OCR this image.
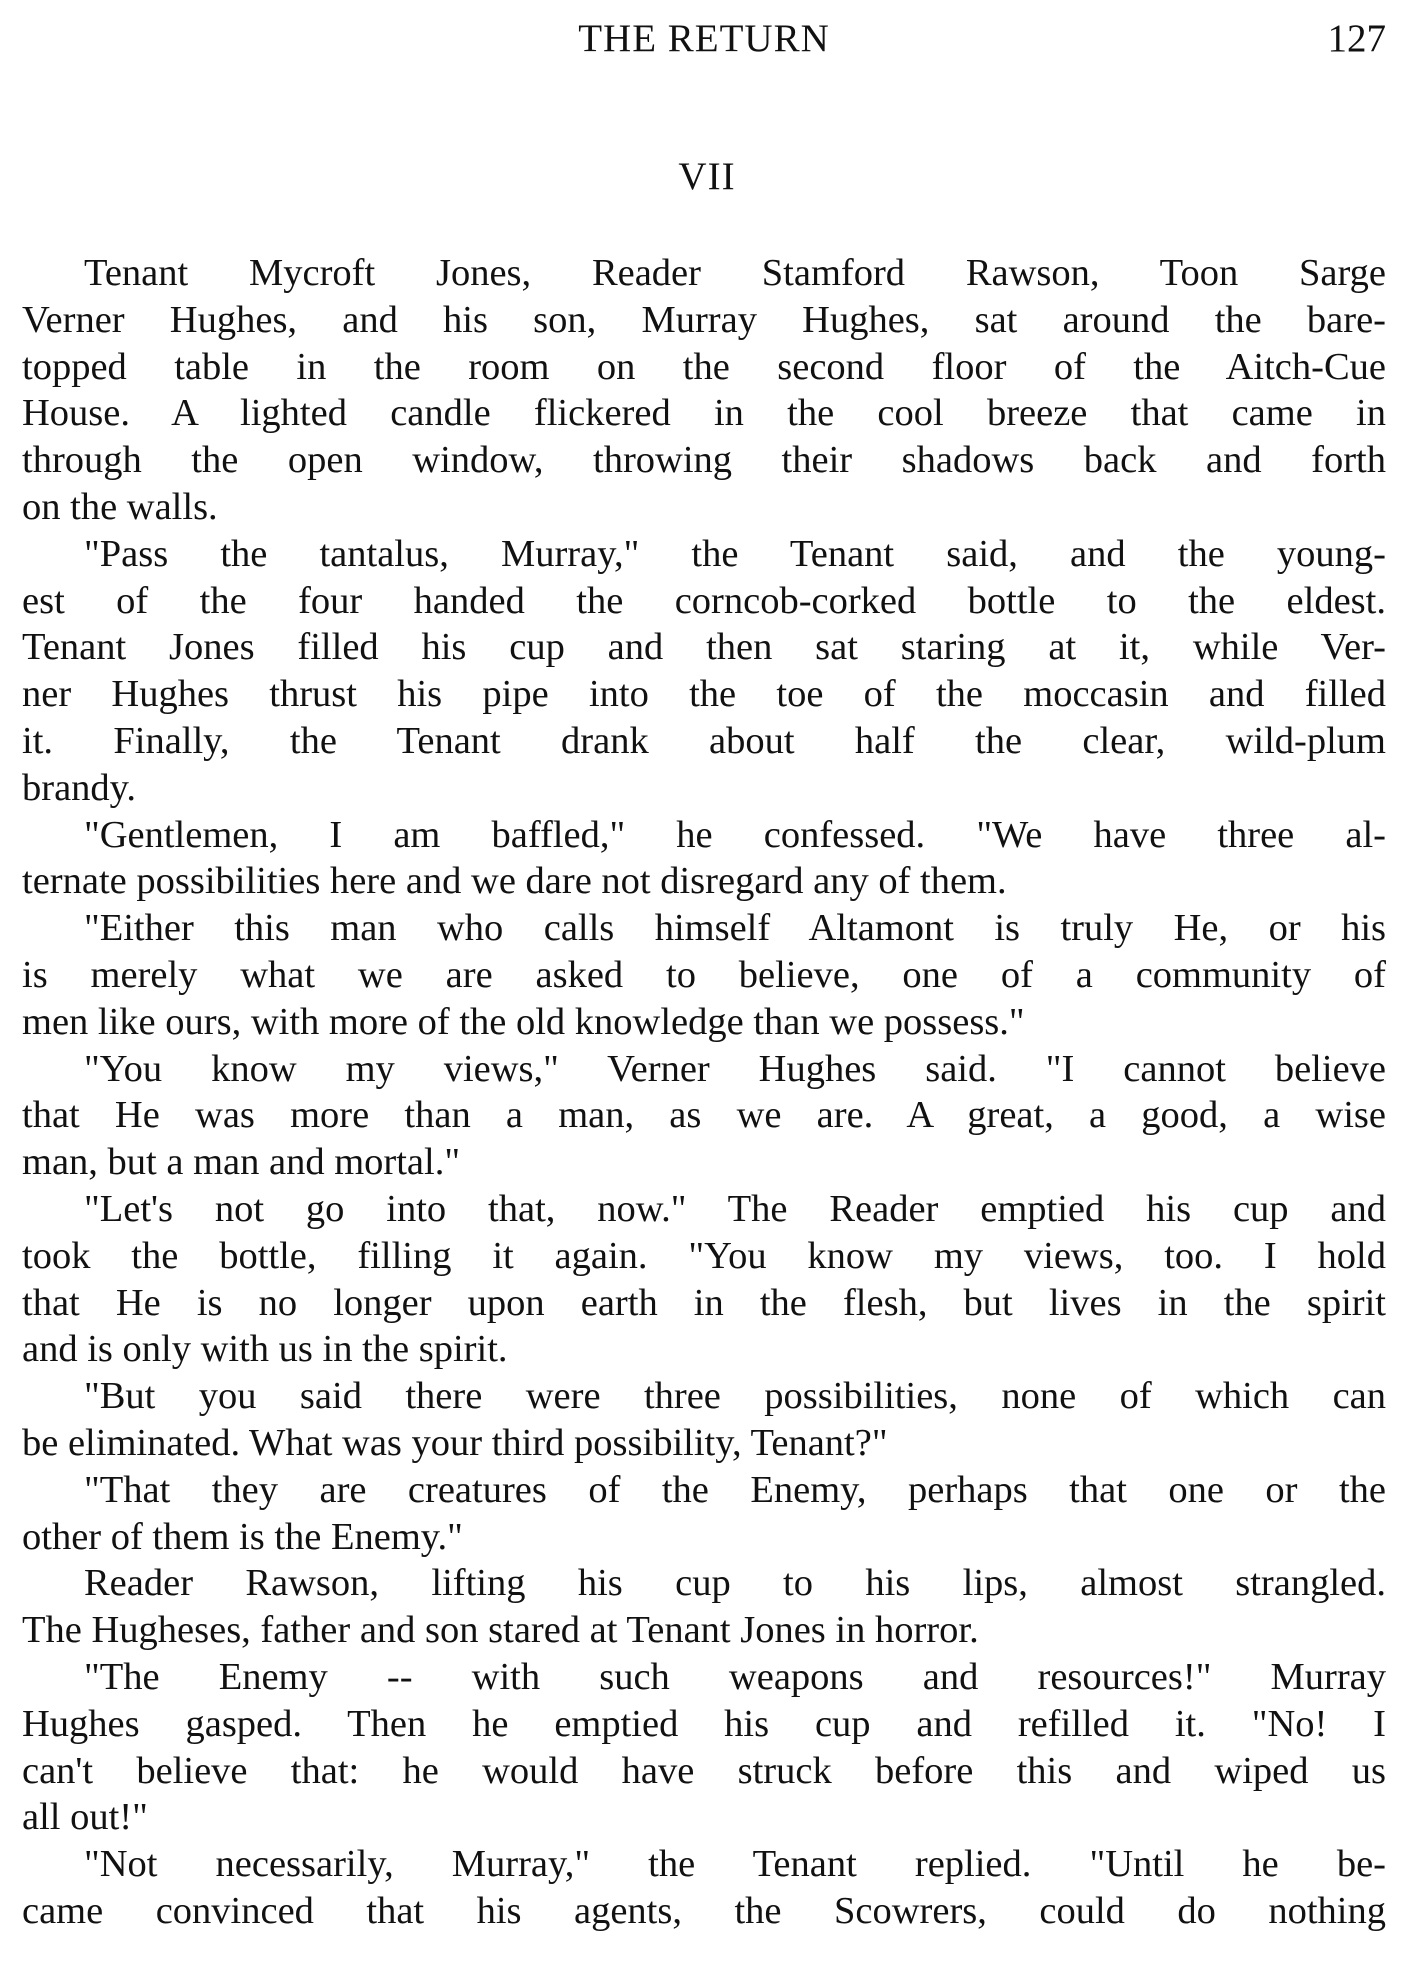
THE RETURN	127
VII
Tenant Mycroft Jones, Reader Stamford Rawson, Toon Sarge
Verner Hughes, and his son, Murray Hughes, sat around the bare-
topped table in the room on the second floor of the Aitch-Cue
House. A lighted candle flickered in the cool breeze that came in
through the open window, throwing their shadows back and forth
on the walls.
"Pass the tantalus, Murray," the Tenant said, and the young-
est of the four handed the corncob-corked bottle to the eldest.
Tenant Jones filled his cup and then sat staring at it, while Ver-
ner Hughes thrust his pipe into the toe of the moccasin and filled
it. Finally, the Tenant drank about half the clear, wild-plum
brandy.
"Gentlemen, I am baffled," he confessed. "We have three al-
ternate possibilities here and we dare not disregard any of them.
"Either this man who calls himself Altamont is truly He, or his
is merely what we are asked to believe, one of a community of
men like ours, with more of the old knowledge than we possess."
"You know my views," Verner Hughes said. "I cannot believe
that He was more than a man, as we are. A great, a good, a wise
man, but a man and mortal."
"Let's not go into that, now." The Reader emptied his cup and
took the bottle, filling it again. "You know my views, too. I hold
that He is no longer upon earth in the flesh, but lives in the spirit
and is only with us in the spirit.
"But you said there were three possibilities, none of which can
be eliminated. What was your third possibility, Tenant?"
"That they are creatures of the Enemy, perhaps that one or the
other of them is the Enemy."
Reader Rawson, lifting his cup to his lips, almost strangled.
The Hugheses, father and son stared at Tenant Jones in horror.
"The Enemy -- with such weapons and resources!" Murray
Hughes gasped. Then he emptied his cup and refilled it. "No! I
can't believe that: he would have struck before this and wiped us
all out!"
"Not necessarily, Murray," the Tenant replied. "Until he be-
came convinced that his agents, the Scowrers, could do nothing
